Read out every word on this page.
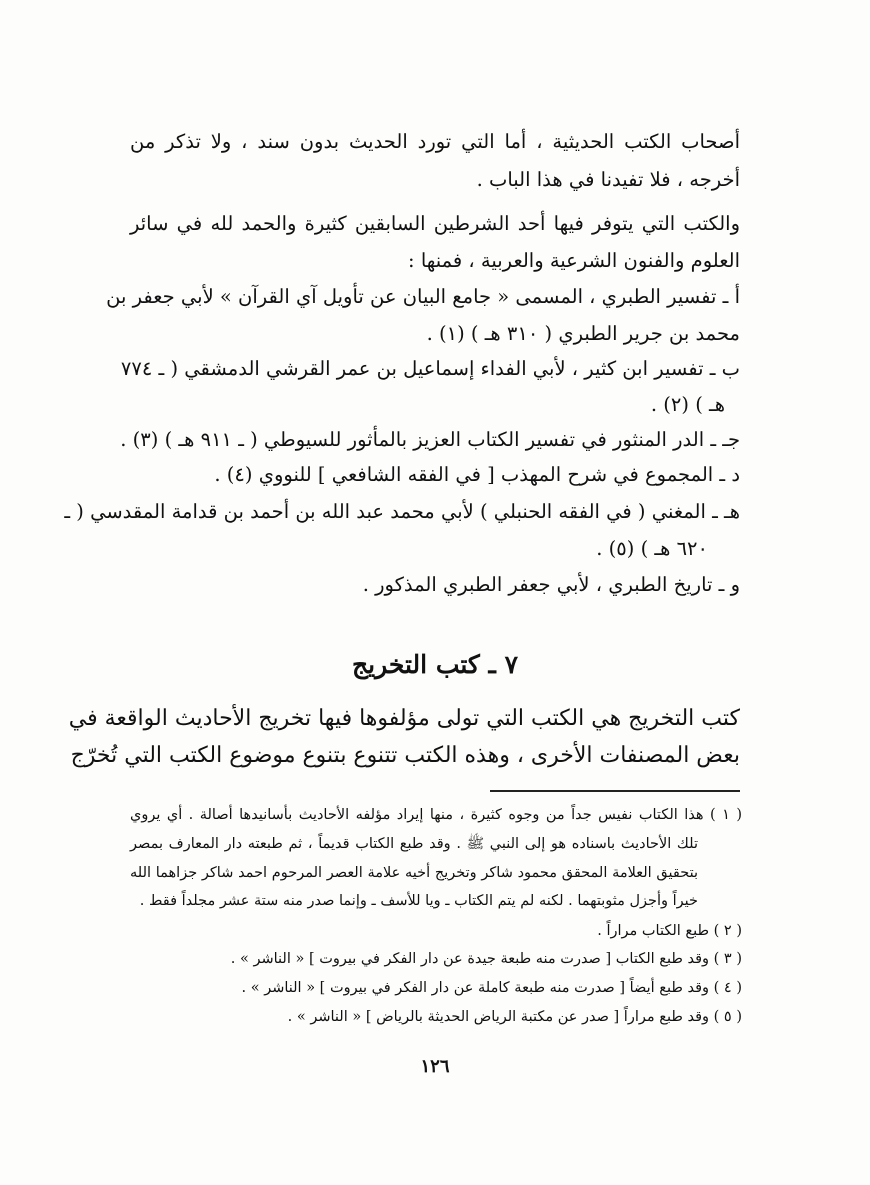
أصحاب الكتب الحديثية ، أما التي تورد الحديث بدون سند ، ولا تذكر من
أخرجه ، فلا تفيدنا في هذا الباب .
والكتب التي يتوفر فيها أحد الشرطين السابقين كثيرة والحمد لله في سائر
العلوم والفنون الشرعية والعربية ، فمنها :
أ ـ تفسير الطبري ، المسمى « جامع البيان عن تأويل آي القرآن » لأبي جعفر بن
محمد بن جرير الطبري ( ٣١٠ هـ ) (١) .
ب ـ تفسير ابن كثير ، لأبي الفداء إسماعيل بن عمر القرشي الدمشقي ( ـ ٧٧٤
هـ ) (٢) .
جـ ـ الدر المنثور في تفسير الكتاب العزيز بالمأثور للسيوطي ( ـ ٩١١ هـ ) (٣) .
د ـ المجموع في شرح المهذب [ في الفقه الشافعي ] للنووي (٤) .
هـ ـ المغني ( في الفقه الحنبلي ) لأبي محمد عبد الله بن أحمد بن قدامة المقدسي ( ـ
٦٢٠ هـ ) (٥) .
و ـ تاريخ الطبري ، لأبي جعفر الطبري المذكور .
٧ ـ كتب التخريج
كتب التخريج هي الكتب التي تولى مؤلفوها فيها تخريج الأحاديث الواقعة في
بعض المصنفات الأخرى ، وهذه الكتب تتنوع بتنوع موضوع الكتب التي تُخرّج
( ١ ) هذا الكتاب نفيس جداً من وجوه كثيرة ، منها إيراد مؤلفه الأحاديث بأسانيدها أصالة . أي يروي
تلك الأحاديث باسناده هو إلى النبي ﷺ . وقد طبع الكتاب قديماً ، ثم طبعته دار المعارف بمصر
بتحقيق العلامة المحقق محمود شاكر وتخريج أخيه علامة العصر المرحوم احمد شاكر جزاهما الله
خيراً وأجزل مثوبتهما . لكنه لم يتم الكتاب ـ ويا للأسف ـ وإنما صدر منه ستة عشر مجلداً فقط .
( ٢ ) طبع الكتاب مراراً .
( ٣ ) وقد طبع الكتاب [ صدرت منه طبعة جيدة عن دار الفكر في بيروت ] « الناشر » .
( ٤ ) وقد طبع أيضاً [ صدرت منه طبعة كاملة عن دار الفكر في بيروت ] « الناشر » .
( ٥ ) وقد طبع مراراً [ صدر عن مكتبة الرياض الحديثة بالرياض ] « الناشر » .
١٢٦
